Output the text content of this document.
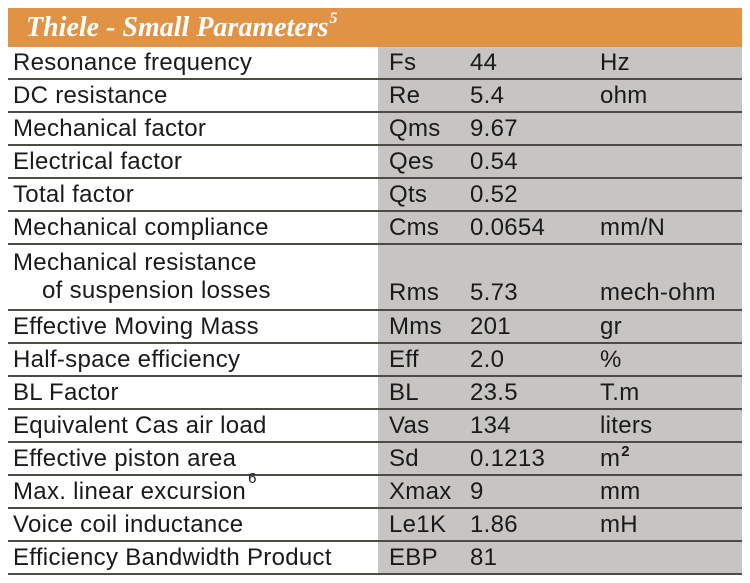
Thiele - Small Parameters$^5$
Resonance frequency	Fs	44	Hz
DC resistance	Re	5.4	ohm
Mechanical factor	Qms	9.67
Electrical factor	Qes	0.54
Total factor	Qts	0.52
Mechanical compliance	Cms	0.0654	mm/N
Mechanical resistance
of suspension losses	Rms	5.73	mech-ohm
Effective Moving Mass	Mms	201	gr
Half-space efficiency	Eff	2.0	%
BL Factor	BL	23.5	T.m
Equivalent Cas air load	Vas	134	liters
Effective piston area	Sd	0.1213	$m^2$
Max. linear excursion $^6$	Xmax 9	mm
Voice coil inductance	Le1K 1.86	mH
Efficiency Bandwidth Product	EBP	81
